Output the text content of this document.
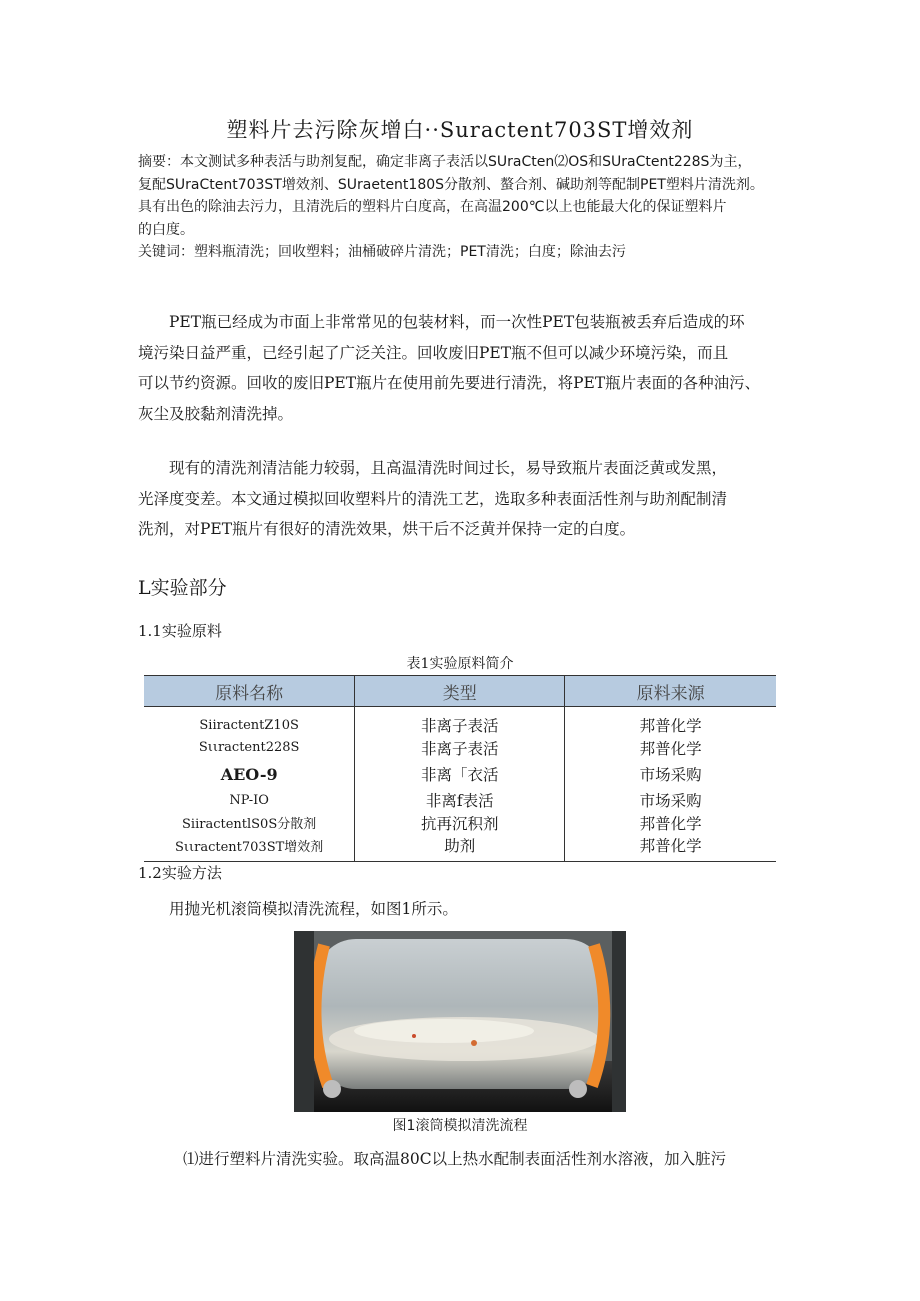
塑料片去污除灰增白··Suractent703ST增效剂

摘要：本文测试多种表活与助剂复配，确定非离子表活以SUraCten⑵OS和SUraCtent228S为主，

复配SUraCtent703ST增效剂、SUraetent180S分散剂、螯合剂、碱助剂等配制PET塑料片清洗剂。

具有出色的除油去污力，且清洗后的塑料片白度高，在高温200℃以上也能最大化的保证塑料片

的白度。

关键词：塑料瓶清洗；回收塑料；油桶破碎片清洗；PET清洗；白度；除油去污

　　PET瓶已经成为市面上非常常见的包装材料，而一次性PET包装瓶被丢弃后造成的环

境污染日益严重，已经引起了广泛关注。回收废旧PET瓶不但可以减少环境污染，而且

可以节约资源。回收的废旧PET瓶片在使用前先要进行清洗，将PET瓶片表面的各种油污、

灰尘及胶黏剂清洗掉。

　　现有的清洗剂清洁能力较弱，且高温清洗时间过长，易导致瓶片表面泛黄或发黑，

光泽度变差。本文通过模拟回收塑料片的清洗工艺，选取多种表面活性剂与助剂配制清

洗剂，对PET瓶片有很好的清洗效果，烘干后不泛黄并保持一定的白度。

L实验部分
1.1实验原料
表1实验原料简介
原料名称	类型	原料来源
SiiractentZ10S	非离子表活	邦普化学
Sιιractent228S	非离子表活	邦普化学
AEO-9	非离「衣活	市场采购
NP-IO	非离f表活	市场采购
SiiractentlS0S分散剂	抗再沉积剂	邦普化学
Sιιractent703ST增效剂	助剂	邦普化学
1.2实验方法

　　用抛光机滚筒模拟清洗流程，如图1所示。

图1滚筒模拟清洗流程

⑴进行塑料片清洗实验。取高温80C以上热水配制表面活性剂水溶液，加入脏污
